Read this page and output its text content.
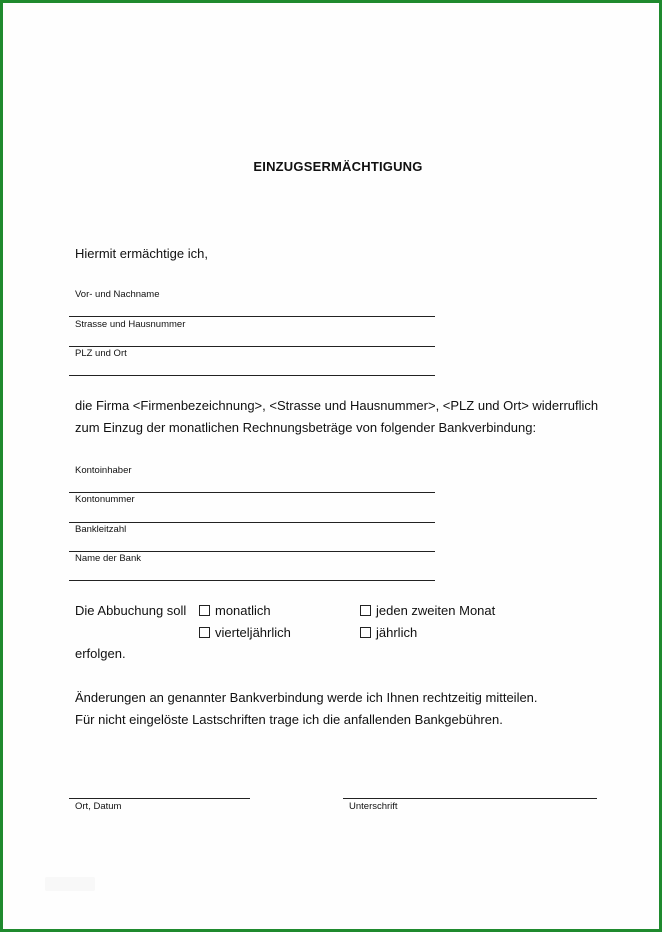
EINZUGSERMÄCHTIGUNG
Hiermit ermächtige ich,
Vor- und Nachname
Strasse und Hausnummer
PLZ und Ort
die Firma <Firmenbezeichnung>, <Strasse und Hausnummer>, <PLZ und Ort> widerruflich
zum Einzug der monatlichen Rechnungsbeträge von folgender Bankverbindung:
Kontoinhaber
Kontonummer
Bankleitzahl
Name der Bank
Die Abbuchung soll monatlich	jeden zweiten Monat
vierteljährlich	jährlich
erfolgen.
Änderungen an genannter Bankverbindung werde ich Ihnen rechtzeitig mitteilen.
Für nicht eingelöste Lastschriften trage ich die anfallenden Bankgebühren.
Ort, Datum	Unterschrift
